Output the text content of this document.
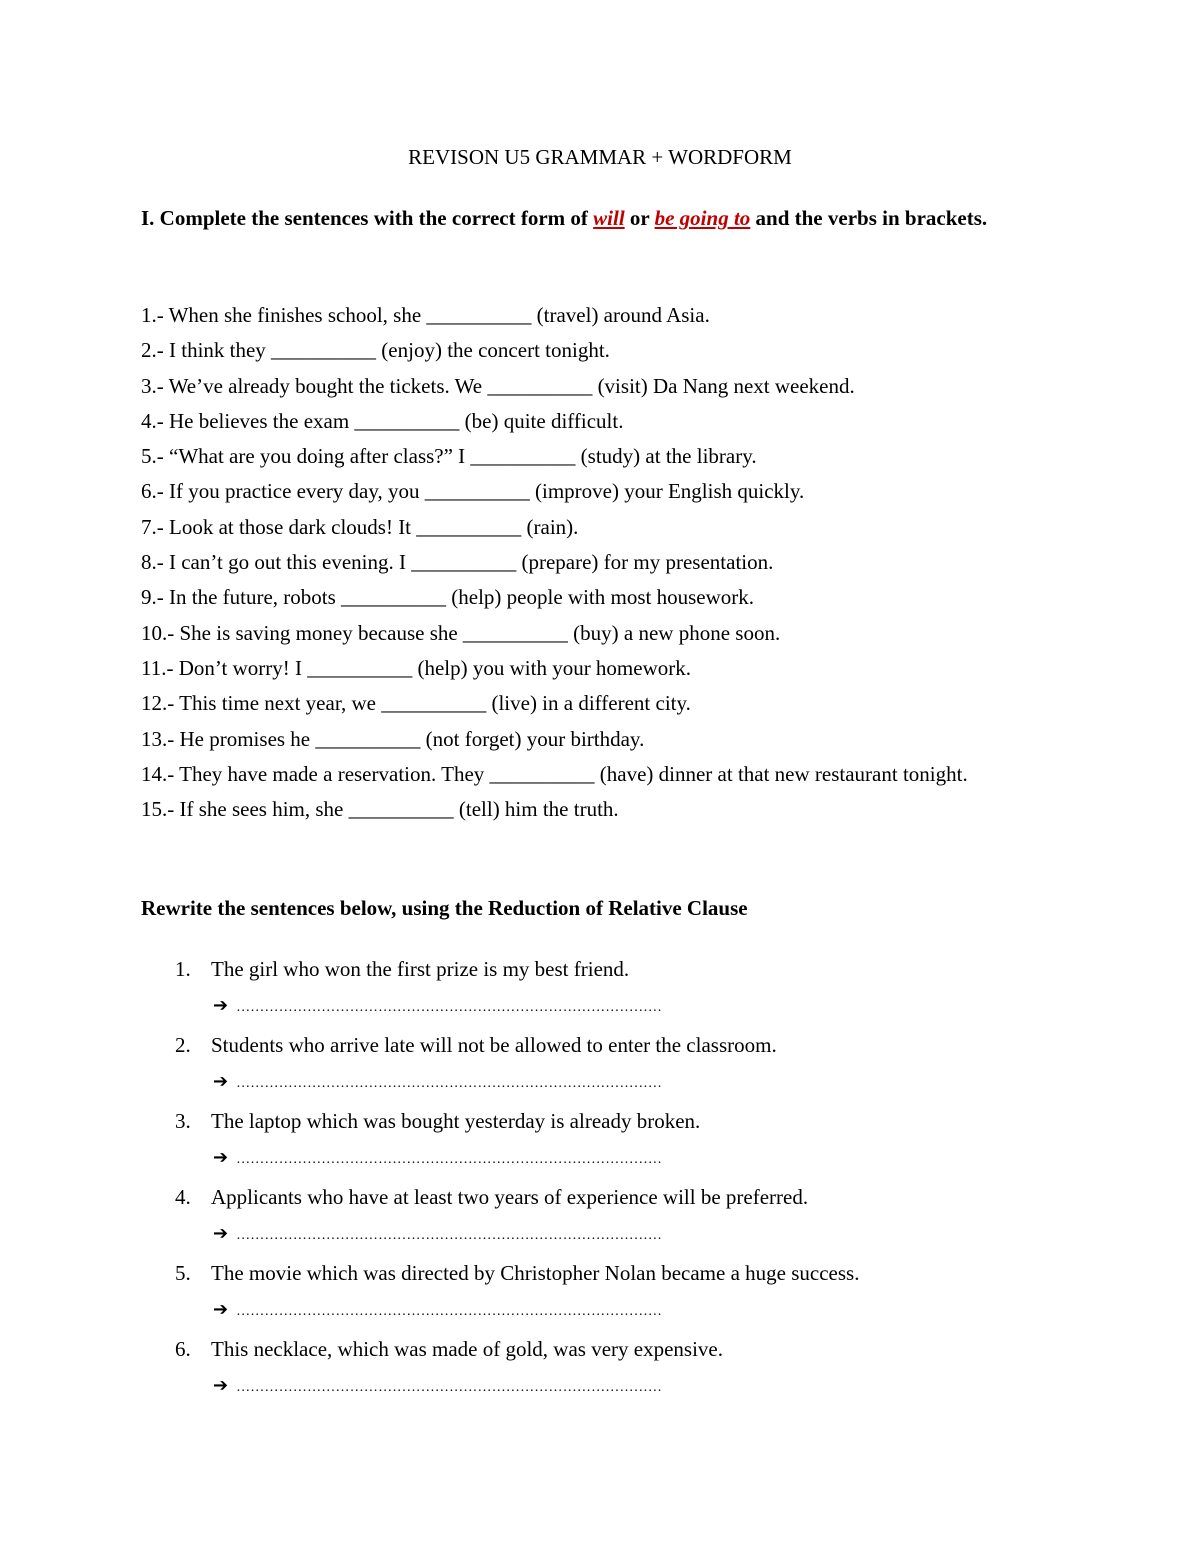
REVISON U5 GRAMMAR + WORDFORM
I. Complete the sentences with the correct form of will or be going to and the verbs in brackets.
1.- When she finishes school, she __________ (travel) around Asia.
2.- I think they __________ (enjoy) the concert tonight.
3.- We’ve already bought the tickets. We __________ (visit) Da Nang next weekend.
4.- He believes the exam __________ (be) quite difficult.
5.- “What are you doing after class?” I __________ (study) at the library.
6.- If you practice every day, you __________ (improve) your English quickly.
7.- Look at those dark clouds! It __________ (rain).
8.- I can’t go out this evening. I __________ (prepare) for my presentation.
9.- In the future, robots __________ (help) people with most housework.
10.- She is saving money because she __________ (buy) a new phone soon.
11.- Don’t worry! I __________ (help) you with your homework.
12.- This time next year, we __________ (live) in a different city.
13.- He promises he __________ (not forget) your birthday.
14.- They have made a reservation. They __________ (have) dinner at that new restaurant tonight.
15.- If she sees him, she __________ (tell) him the truth.
Rewrite the sentences below, using the Reduction of Relative Clause
1. The girl who won the first prize is my best friend.
➔ ………………………………………………………………………………
2. Students who arrive late will not be allowed to enter the classroom.
➔ ………………………………………………………………………………
3. The laptop which was bought yesterday is already broken.
➔ ………………………………………………………………………………
4. Applicants who have at least two years of experience will be preferred.
➔ ………………………………………………………………………………
5. The movie which was directed by Christopher Nolan became a huge success.
➔ ………………………………………………………………………………
6. This necklace, which was made of gold, was very expensive.
➔ ………………………………………………………………………………
